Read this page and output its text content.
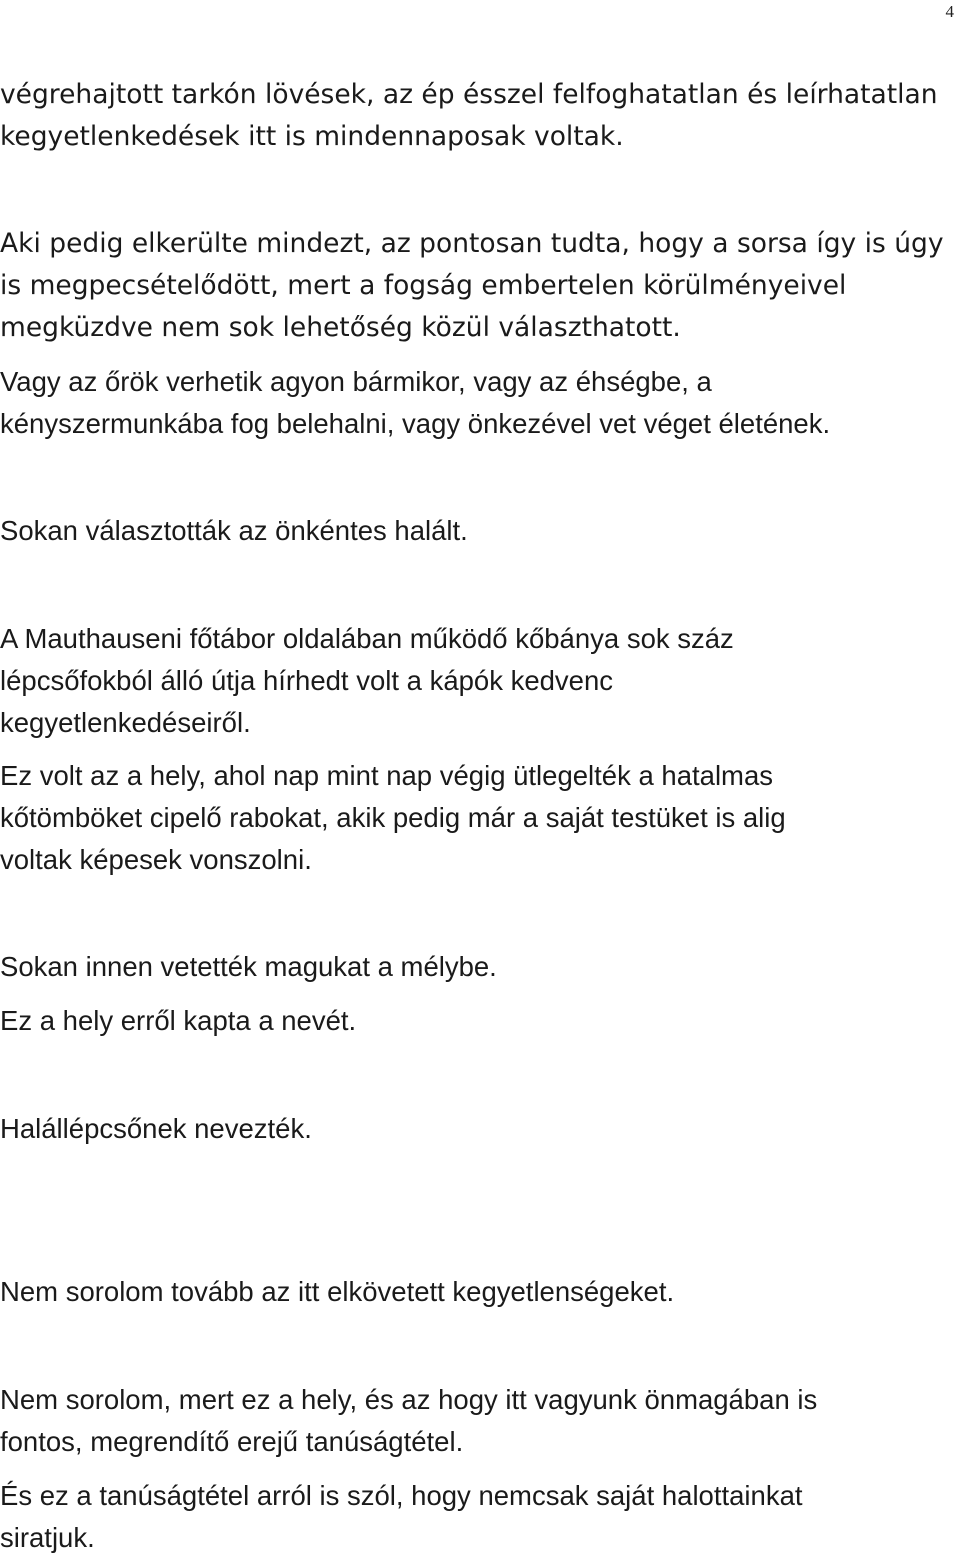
4

végrehajtott tarkón lövések, az ép ésszel felfoghatatlan és leírhatatlan
kegyetlenkedések itt is mindennaposak voltak.

Aki pedig elkerülte mindezt, az pontosan tudta, hogy a sorsa így is úgy
is megpecsételődött, mert a fogság embertelen körülményeivel
megküzdve nem sok lehetőség közül választhatott.

Vagy az őrök verhetik agyon bármikor, vagy az éhségbe, a
kényszermunkába fog belehalni, vagy önkezével vet véget életének.

Sokan választották az önkéntes halált.

A Mauthauseni főtábor oldalában működő kőbánya sok száz
lépcsőfokból álló útja hírhedt volt a kápók kedvenc
kegyetlenkedéseiről.

Ez volt az a hely, ahol nap mint nap végig ütlegelték a hatalmas
kőtömböket cipelő rabokat, akik pedig már a saját testüket is alig
voltak képesek vonszolni.

Sokan innen vetették magukat a mélybe.

Ez a hely erről kapta a nevét.

Halállépcsőnek nevezték.

Nem sorolom tovább az itt elkövetett kegyetlenségeket.

Nem sorolom, mert ez a hely, és az hogy itt vagyunk önmagában is
fontos, megrendítő erejű tanúságtétel.

És ez a tanúságtétel arról is szól, hogy nemcsak saját halottainkat
siratjuk.
